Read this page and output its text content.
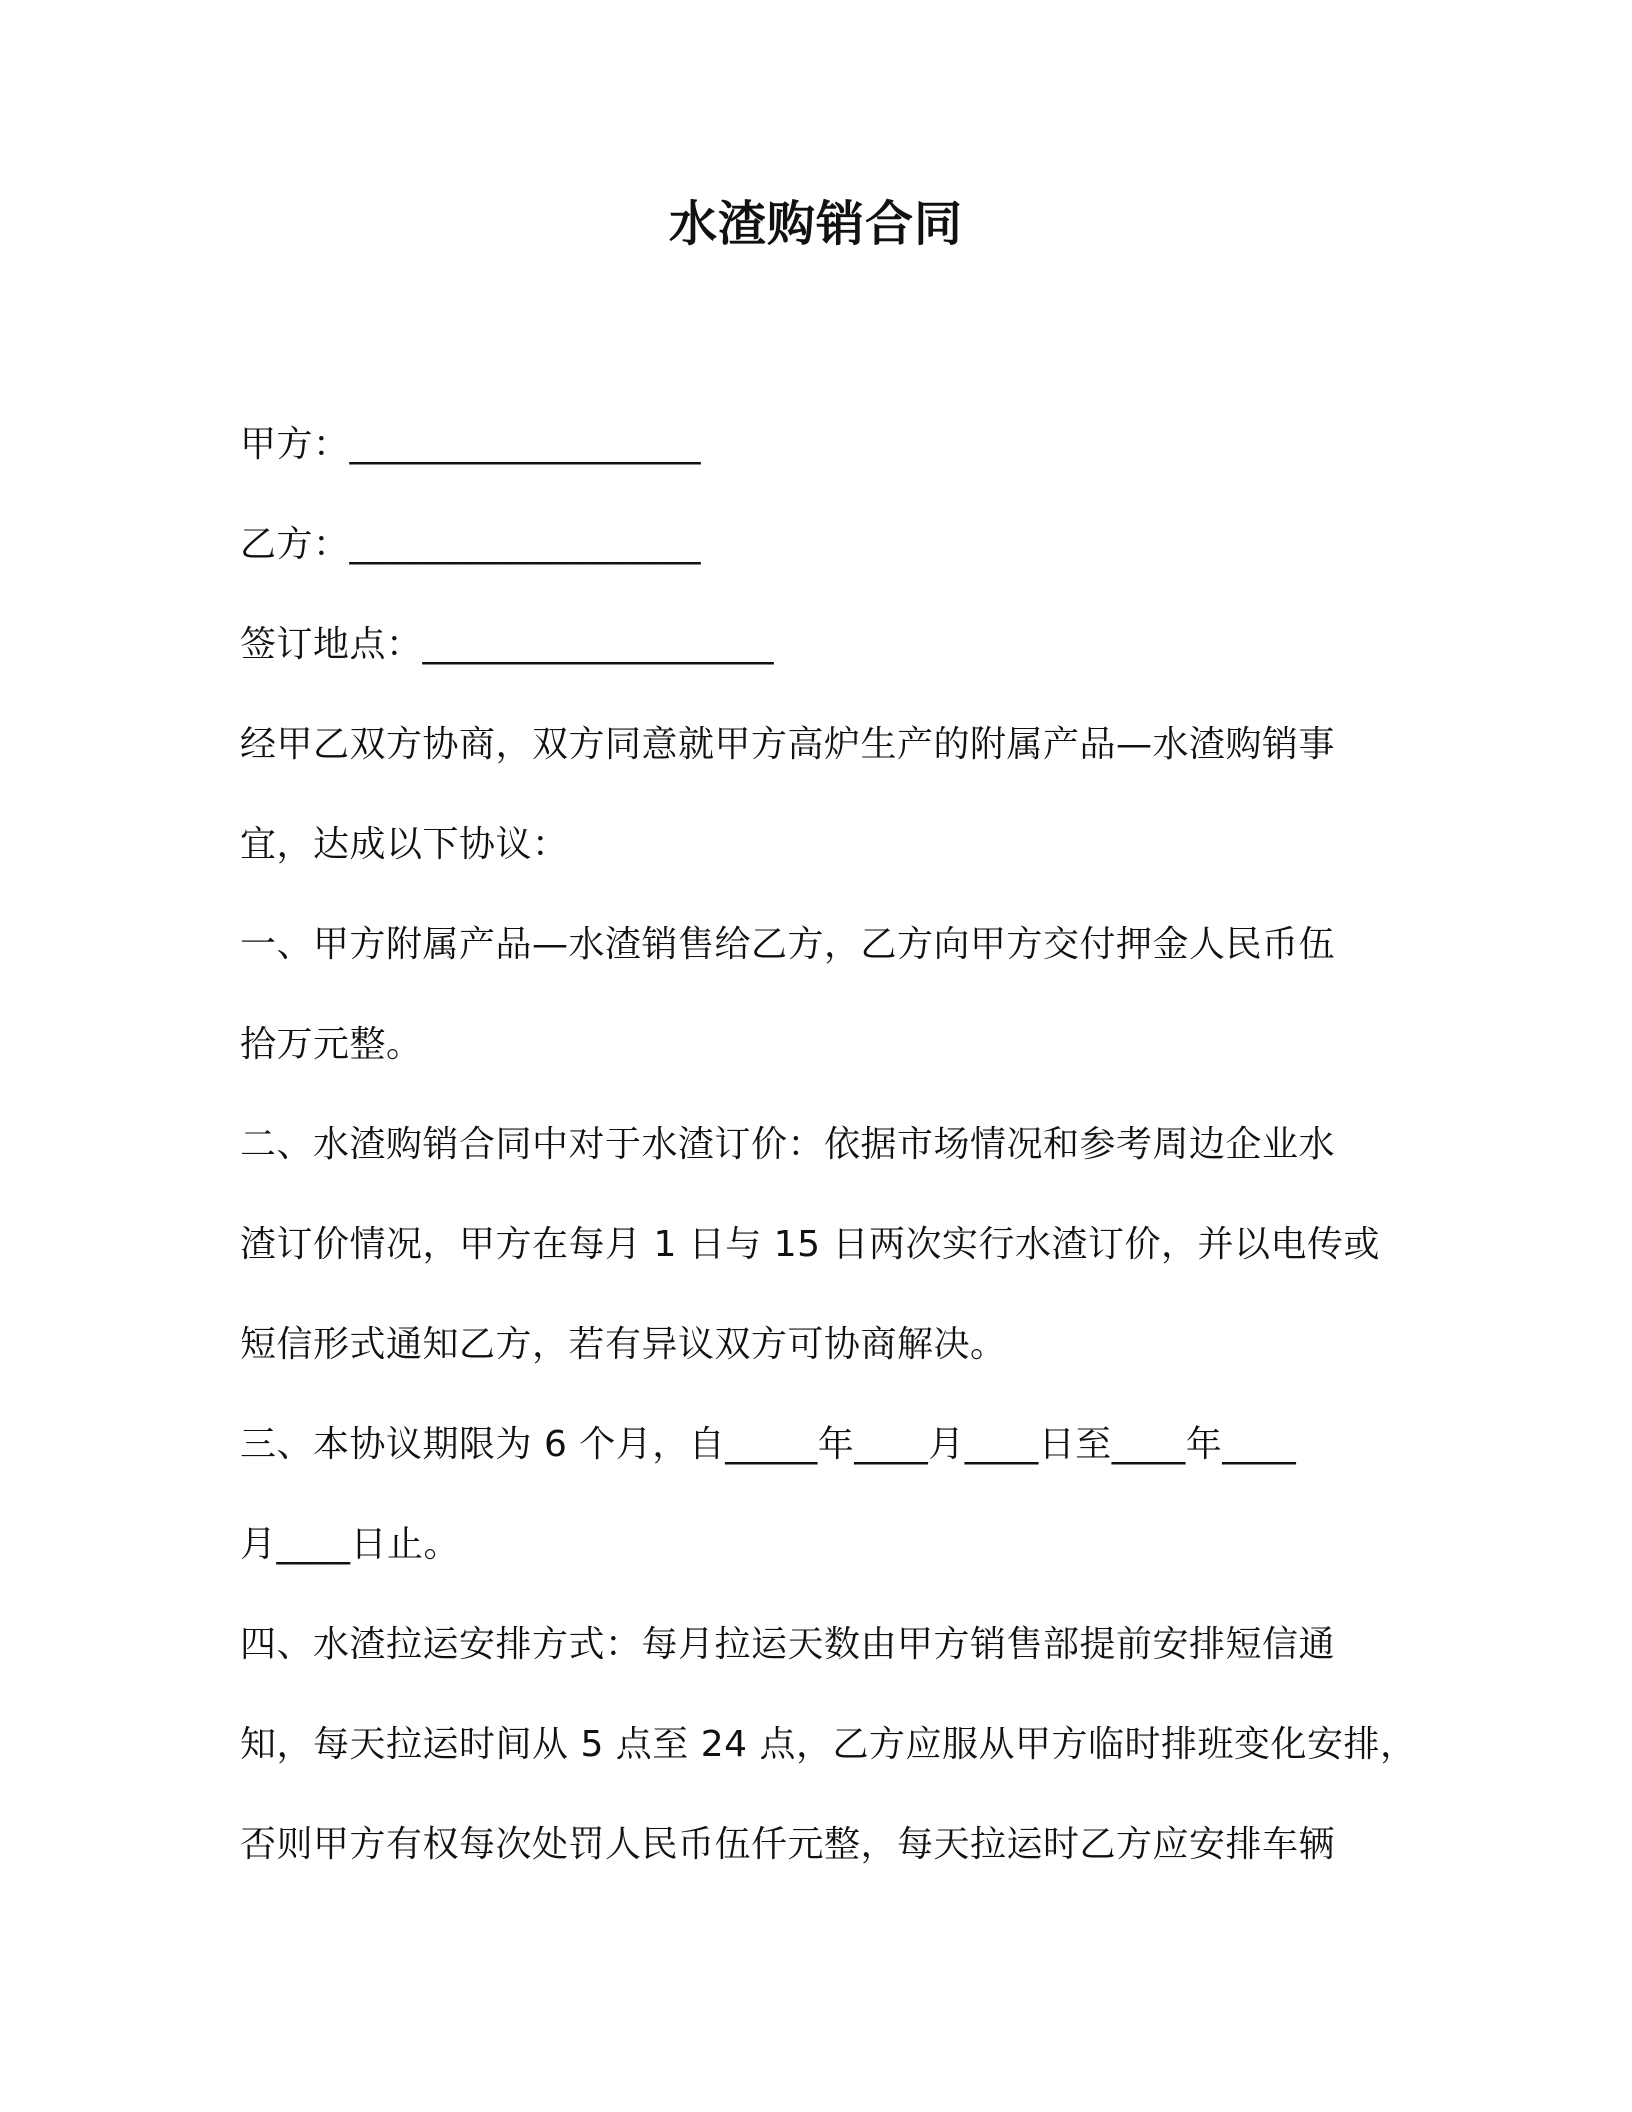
水渣购销合同
甲方：___________________
乙方：___________________
签订地点：___________________
经甲乙双方协商，双方同意就甲方高炉生产的附属产品—水渣购销事
宜，达成以下协议：
一、甲方附属产品—水渣销售给乙方，乙方向甲方交付押金人民币伍
拾万元整。
二、水渣购销合同中对于水渣订价：依据市场情况和参考周边企业水
渣订价情况，甲方在每月 1 日与 15 日两次实行水渣订价，并以电传或
短信形式通知乙方，若有异议双方可协商解决。
三、本协议期限为 6 个月，自_____年____月____日至____年____
月____日止。
四、水渣拉运安排方式：每月拉运天数由甲方销售部提前安排短信通
知，每天拉运时间从 5 点至 24 点，乙方应服从甲方临时排班变化安排，
否则甲方有权每次处罚人民币伍仟元整，每天拉运时乙方应安排车辆
